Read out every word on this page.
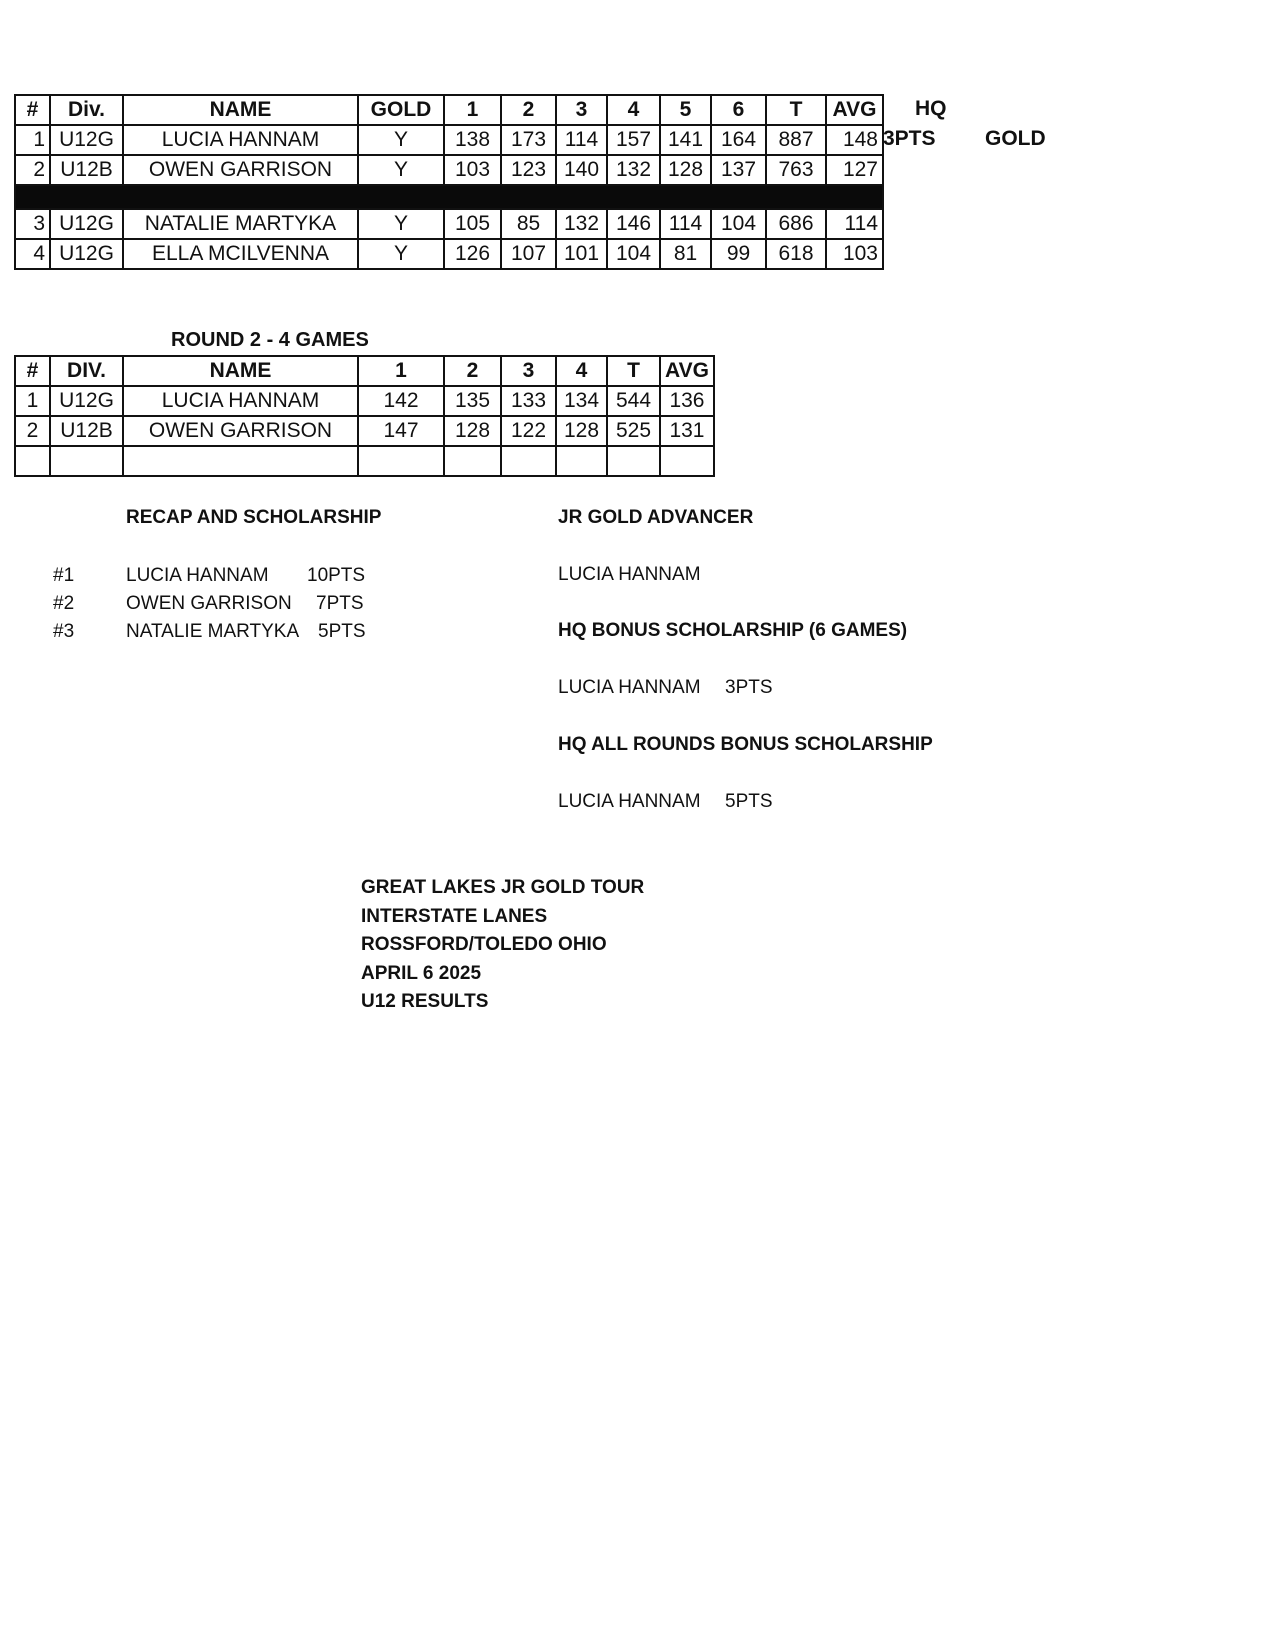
#	Div.	NAME	GOLD	1	2	3	4	5	6	T	AVG
1	U12G	LUCIA HANNAM	Y	138	173	114	157	141	164	887	148
2	U12B	OWEN GARRISON	Y	103	123	140	132	128	137	763	127

3	U12G	NATALIE MARTYKA	Y	105	85	132	146	114	104	686	114
4	U12G	ELLA MCILVENNA	Y	126	107	101	104	81	99	618	103
HQ
3PTS GOLD
ROUND 2 - 4 GAMES
#	DIV.	NAME	1	2	3	4	T	AVG
1	U12G	LUCIA HANNAM	142	135	133	134	544	136
2	U12B	OWEN GARRISON	147	128	122	128	525	131

RECAP AND SCHOLARSHIP
#1	LUCIA HANNAM 10PTS
#2	OWEN GARRISON 7PTS
#3	NATALIE MARTYKA 5PTS
JR GOLD ADVANCER
LUCIA HANNAM
HQ BONUS SCHOLARSHIP (6 GAMES)
LUCIA HANNAM 3PTS
HQ ALL ROUNDS BONUS SCHOLARSHIP
LUCIA HANNAM 5PTS
GREAT LAKES JR GOLD TOUR
INTERSTATE LANES
ROSSFORD/TOLEDO OHIO
APRIL 6 2025
U12 RESULTS
